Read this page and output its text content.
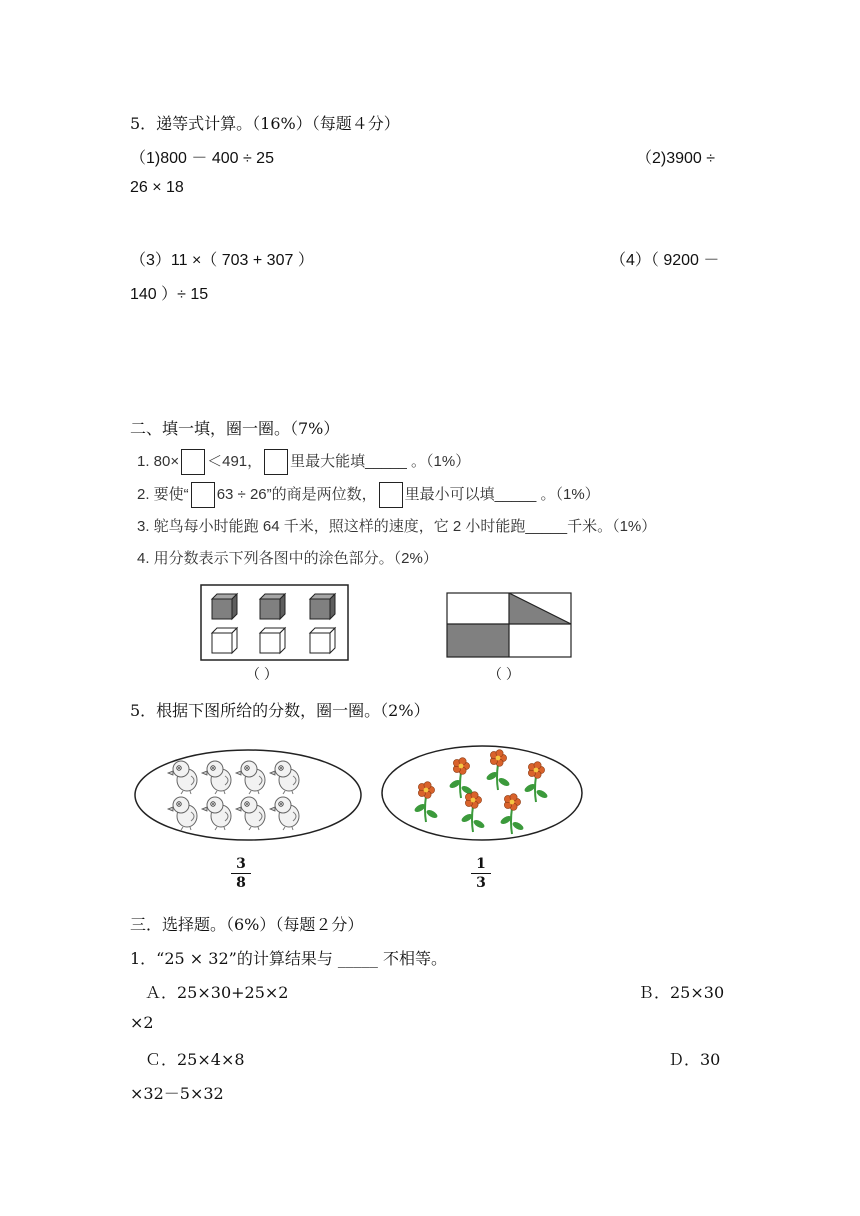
5．递等式计算。（16%）（每题４分）
（1)800 － 400 ÷ 25	（2)3900 ÷
26 × 18
（3）11 ×（ 703 + 307 ）	（4）（ 9200 －
140 ）÷ 15
二、填一填，圈一圈。（7%）
1. 80× ＜491， 里最大能填_____ 。（1%）
2. 要使“ 63 ÷ 26”的商是两位数， 里最小可以填_____ 。（1%）
3. 鸵鸟每小时能跑 64 千米，照这样的速度，它 2 小时能跑_____千米。（1%）
4. 用分数表示下列各图中的涂色部分。（2%）
（ ）	（ ）
5．根据下图所给的分数，圈一圈。（2%）
3
8
1
3
三．选择题。（6%）（每题２分）
1．“25 × 32”的计算结果与 _____ 不相等。
Ａ．25×30+25×2	Ｂ．25×30
×2
Ｃ．25×4×8	Ｄ．30
×32－5×32
